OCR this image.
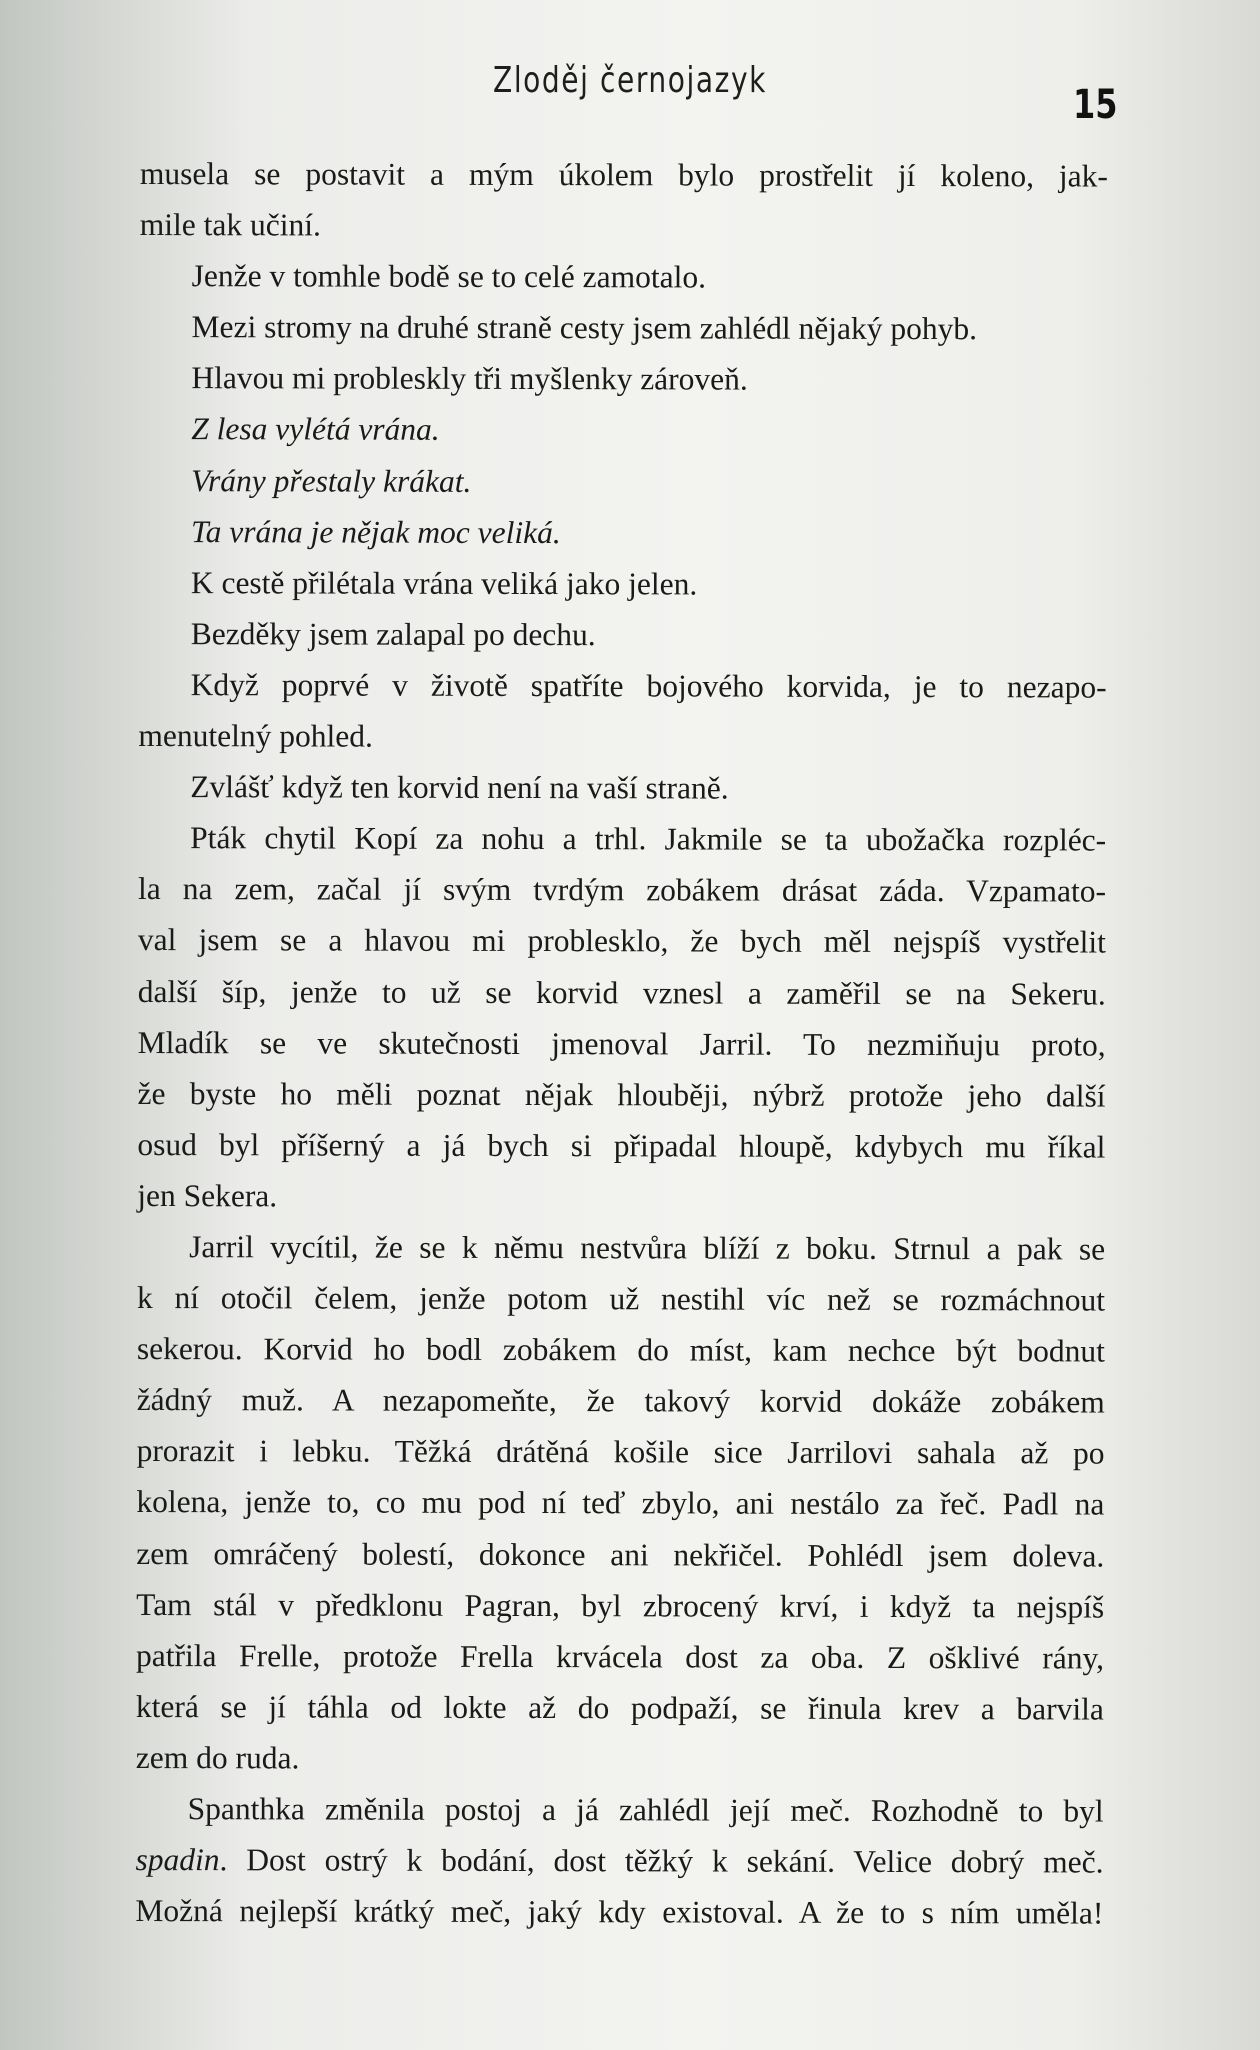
Zloděj černojazyk
15

musela se postavit a mým úkolem bylo prostřelit jí koleno, jak-

mile tak učiní.

Jenže v tomhle bodě se to celé zamotalo.

Mezi stromy na druhé straně cesty jsem zahlédl nějaký pohyb.

Hlavou mi probleskly tři myšlenky zároveň.

Z lesa vylétá vrána.

Vrány přestaly krákat.

Ta vrána je nějak moc veliká.

K cestě přilétala vrána veliká jako jelen.

Bezděky jsem zalapal po dechu.

Když poprvé v životě spatříte bojového korvida, je to nezapo-

menutelný pohled.

Zvlášť když ten korvid není na vaší straně.

Pták chytil Kopí za nohu a trhl. Jakmile se ta ubožačka rozpléc-

la na zem, začal jí svým tvrdým zobákem drásat záda. Vzpamato-

val jsem se a hlavou mi problesklo, že bych měl nejspíš vystřelit

další šíp, jenže to už se korvid vznesl a zaměřil se na Sekeru.

Mladík se ve skutečnosti jmenoval Jarril. To nezmiňuju proto,

že byste ho měli poznat nějak hlouběji, nýbrž protože jeho další

osud byl příšerný a já bych si připadal hloupě, kdybych mu říkal

jen Sekera.

Jarril vycítil, že se k němu nestvůra blíží z boku. Strnul a pak se

k ní otočil čelem, jenže potom už nestihl víc než se rozmáchnout

sekerou. Korvid ho bodl zobákem do míst, kam nechce být bodnut

žádný muž. A nezapomeňte, že takový korvid dokáže zobákem

prorazit i lebku. Těžká drátěná košile sice Jarrilovi sahala až po

kolena, jenže to, co mu pod ní teď zbylo, ani nestálo za řeč. Padl na

zem omráčený bolestí, dokonce ani nekřičel. Pohlédl jsem doleva.

Tam stál v předklonu Pagran, byl zbrocený krví, i když ta nejspíš

patřila Frelle, protože Frella krvácela dost za oba. Z ošklivé rány,

která se jí táhla od lokte až do podpaží, se řinula krev a barvila

zem do ruda.

Spanthka změnila postoj a já zahlédl její meč. Rozhodně to byl

spadin. Dost ostrý k bodání, dost těžký k sekání. Velice dobrý meč.

Možná nejlepší krátký meč, jaký kdy existoval. A že to s ním uměla!
